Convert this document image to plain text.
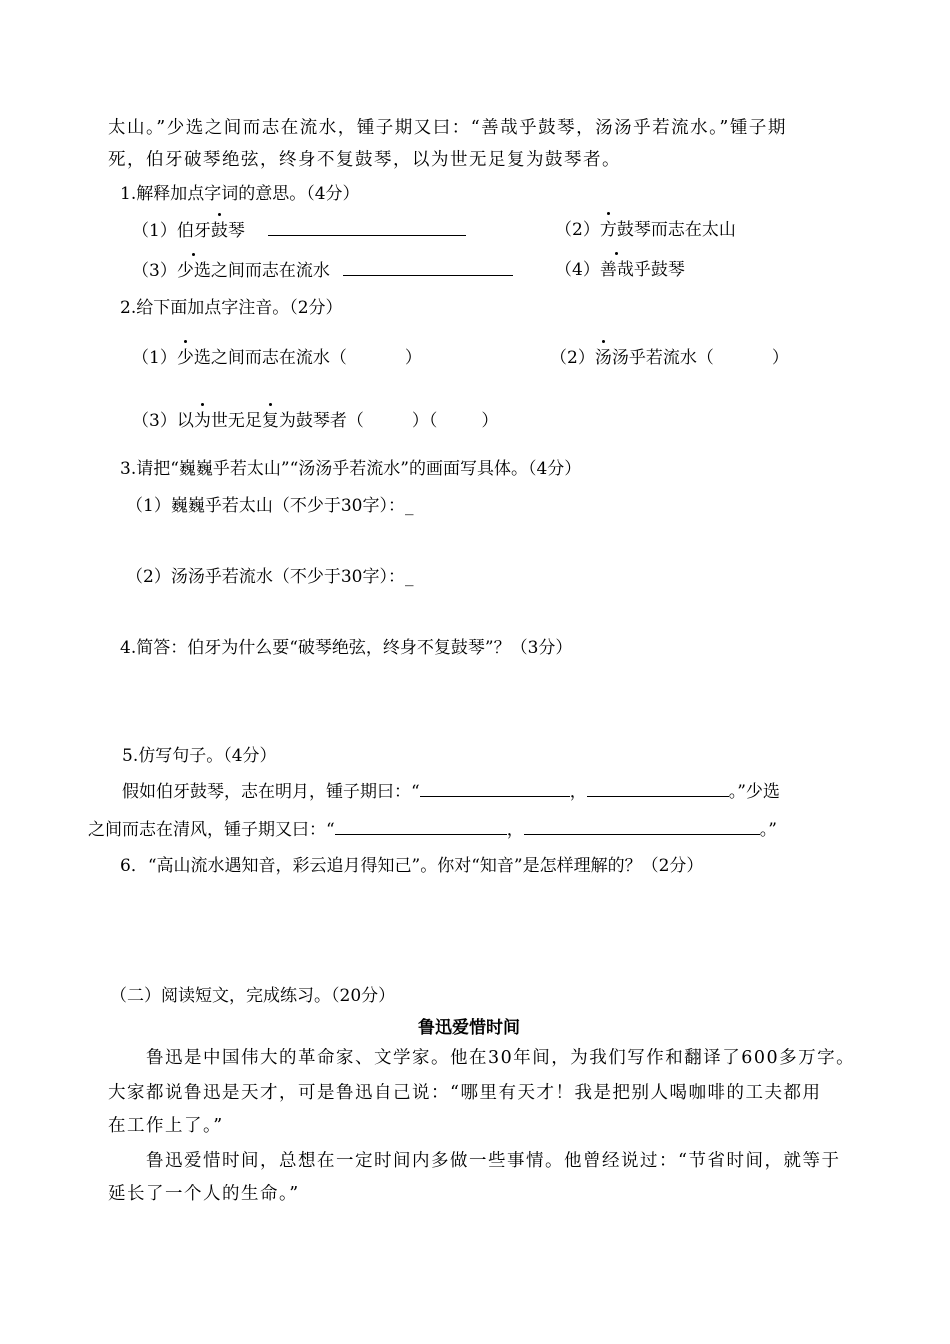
太山。”少选之间而志在流水，锺子期又曰：“善哉乎鼓琴，汤汤乎若流水。”锺子期
死，伯牙破琴绝弦，终身不复鼓琴，以为世无足复为鼓琴者。
1.解释加点字词的意思。（4分）
（1）伯牙鼓琴	（2）方鼓琴而志在太山
（3）少选之间而志在流水	（4）善哉乎鼓琴
2.给下面加点字注音。（2分）
（1）少选之间而志在流水（	）	（2）汤汤乎若流水（	）
（3）以为世无足复为鼓琴者（	）（	）
3.请把“巍巍乎若太山”“汤汤乎若流水”的画面写具体。（4分）
（1）巍巍乎若太山（不少于30字）：_
（2）汤汤乎若流水（不少于30字）：_
4.简答：伯牙为什么要“破琴绝弦，终身不复鼓琴”？（3分）
5.仿写句子。（4分）
假如伯牙鼓琴，志在明月，锺子期曰：“	，	。”少选
之间而志在清风，锺子期又曰：“	，	。”
6．“高山流水遇知音，彩云追月得知己”。你对“知音”是怎样理解的？（2分）
（二）阅读短文，完成练习。（20分）
鲁迅爱惜时间
鲁迅是中国伟大的革命家、文学家。他在30年间，为我们写作和翻译了600多万字。
大家都说鲁迅是天才，可是鲁迅自己说：“哪里有天才！我是把别人喝咖啡的工夫都用
在工作上了。”
鲁迅爱惜时间，总想在一定时间内多做一些事情。他曾经说过：“节省时间，就等于
延长了一个人的生命。”
